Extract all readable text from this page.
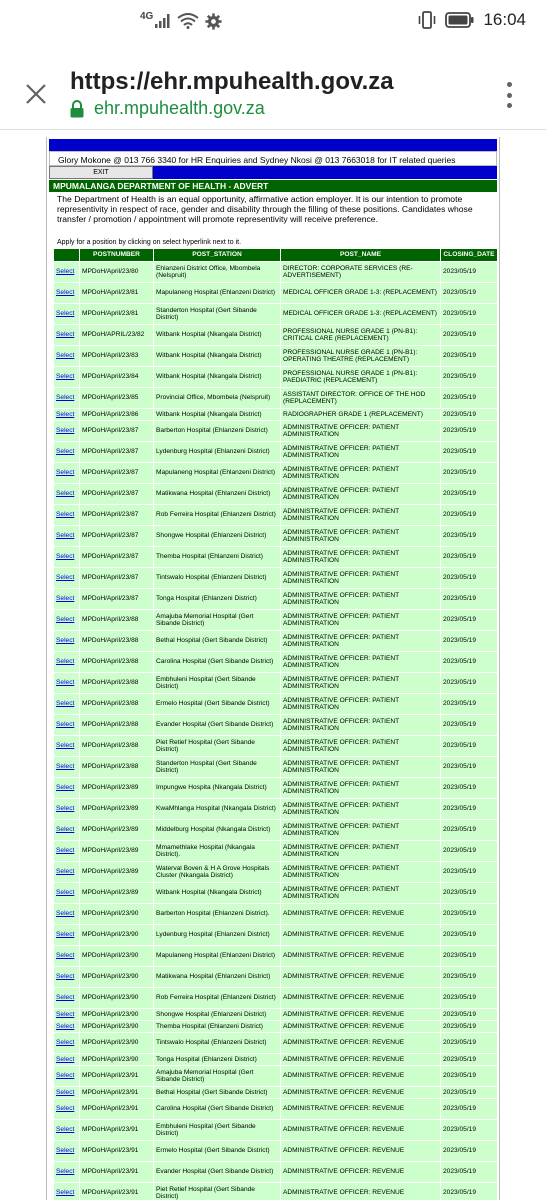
4G	16:04
https://ehr.mpuhealth.gov.za
ehr.mpuhealth.gov.za
Glory Mokone @ 013 766 3340 for HR Enquiries and Sydney Nkosi @ 013 7663018 for IT related queries
EXIT
MPUMALANGA DEPARTMENT OF HEALTH - ADVERT
The Department of Health is an equal opportunity, affirmative action employer. It is our intention to promote representivity in respect of race, gender and disability through the filling of these positions. Candidates whose transfer / promotion / appointment will promote representivity will receive preference.
Apply for a position by clicking on select hyperlink next to it.
	POSTNUMBER	POST_STATION	POST_NAME	CLOSING_DATE
Select	MPDoH/April/23/80	Ehlanzeni District Office, Mbombela (Nelspruit)	DIRECTOR: CORPORATE SERVICES (RE-ADVERTISEMENT)	2023/05/19
Select	MPDoH/April/23/81	Mapulaneng Hospital (Ehlanzeni District)	MEDICAL OFFICER GRADE 1-3: (REPLACEMENT)	2023/05/19
Select	MPDoH/April/23/81	Standerton Hospital (Gert Sibande District)	MEDICAL OFFICER GRADE 1-3: (REPLACEMENT)	2023/05/19
Select	MPDoH/APRIL/23/82	Witbank Hospital (Nkangala District)	PROFESSIONAL NURSE GRADE 1 (PN-B1): CRITICAL CARE (REPLACEMENT)	2023/05/19
Select	MPDoH/April/23/83	Witbank Hospital (Nkangala District)	PROFESSIONAL NURSE GRADE 1 (PN-B1): OPERATING THEATRE (REPLACEMENT)	2023/05/19
Select	MPDoH/April/23/84	Witbank Hospital (Nkangala District)	PROFESSIONAL NURSE GRADE 1 (PN-B1): PAEDIATRIC (REPLACEMENT)	2023/05/19
Select	MPDoH/April/23/85	Provincial Office, Mbombela (Nelspruit)	ASSISTANT DIRECTOR: OFFICE OF THE HOD (REPLACEMENT)	2023/05/19
Select	MPDoH/April/23/86	Witbank Hospital (Nkangala District)	RADIOGRAPHER GRADE 1 (REPLACEMENT)	2023/05/19
Select	MPDoH/April/23/87	Barberton Hospital (Ehlanzeni District)	ADMINISTRATIVE OFFICER: PATIENT ADMINISTRATION	2023/05/19
Select	MPDoH/April/23/87	Lydenburg Hospital (Ehlanzeni District)	ADMINISTRATIVE OFFICER: PATIENT ADMINISTRATION	2023/05/19
Select	MPDoH/April/23/87	Mapulaneng Hospital (Ehlanzeni District)	ADMINISTRATIVE OFFICER: PATIENT ADMINISTRATION	2023/05/19
Select	MPDoH/April/23/87	Matikwana Hospital (Ehlanzeni District)	ADMINISTRATIVE OFFICER: PATIENT ADMINISTRATION	2023/05/19
Select	MPDoH/April/23/87	Rob Ferreira Hospital (Ehlanzeni District)	ADMINISTRATIVE OFFICER: PATIENT ADMINISTRATION	2023/05/19
Select	MPDoH/April/23/87	Shongwe Hospital (Ehlanzeni District)	ADMINISTRATIVE OFFICER: PATIENT ADMINISTRATION	2023/05/19
Select	MPDoH/April/23/87	Themba Hospital (Ehlanzeni District)	ADMINISTRATIVE OFFICER: PATIENT ADMINISTRATION	2023/05/19
Select	MPDoH/April/23/87	Tintswalo Hospital (Ehlanzeni District)	ADMINISTRATIVE OFFICER: PATIENT ADMINISTRATION	2023/05/19
Select	MPDoH/April/23/87	Tonga Hospital (Ehlanzeni District)	ADMINISTRATIVE OFFICER: PATIENT ADMINISTRATION	2023/05/19
Select	MPDoH/April/23/88	Amajuba Memorial Hospital (Gert Sibande District)	ADMINISTRATIVE OFFICER: PATIENT ADMINISTRATION	2023/05/19
Select	MPDoH/April/23/88	Bethal Hospital (Gert Sibande District)	ADMINISTRATIVE OFFICER: PATIENT ADMINISTRATION	2023/05/19
Select	MPDoH/April/23/88	Carolina Hospital (Gert Sibande District)	ADMINISTRATIVE OFFICER: PATIENT ADMINISTRATION	2023/05/19
Select	MPDoH/April/23/88	Embhuleni Hospital (Gert Sibande District)	ADMINISTRATIVE OFFICER: PATIENT ADMINISTRATION	2023/05/19
Select	MPDoH/April/23/88	Ermelo Hospital (Gert Sibande District)	ADMINISTRATIVE OFFICER: PATIENT ADMINISTRATION	2023/05/19
Select	MPDoH/April/23/88	Evander Hospital (Gert Sibande District)	ADMINISTRATIVE OFFICER: PATIENT ADMINISTRATION	2023/05/19
Select	MPDoH/April/23/88	Piet Retief Hospital (Gert Sibande District)	ADMINISTRATIVE OFFICER: PATIENT ADMINISTRATION	2023/05/19
Select	MPDoH/April/23/88	Standerton Hospital (Gert Sibande District)	ADMINISTRATIVE OFFICER: PATIENT ADMINISTRATION	2023/05/19
Select	MPDoH/April/23/89	Impungwe Hospita (Nkangala District)	ADMINISTRATIVE OFFICER: PATIENT ADMINISTRATION	2023/05/19
Select	MPDoH/April/23/89	KwaMhlanga Hospital (Nkangala District)	ADMINISTRATIVE OFFICER: PATIENT ADMINISTRATION	2023/05/19
Select	MPDoH/April/23/89	Middelburg Hospital (Nkangala District)	ADMINISTRATIVE OFFICER: PATIENT ADMINISTRATION	2023/05/19
Select	MPDoH/April/23/89	Mmamethlake Hospital (Nkangala District).	ADMINISTRATIVE OFFICER: PATIENT ADMINISTRATION	2023/05/19
Select	MPDoH/April/23/89	Waterval Boven & H A Grove Hospitals Cluster (Nkangala District)	ADMINISTRATIVE OFFICER: PATIENT ADMINISTRATION	2023/05/19
Select	MPDoH/April/23/89	Witbank Hospital (Nkangala District)	ADMINISTRATIVE OFFICER: PATIENT ADMINISTRATION	2023/05/19
Select	MPDoH/April/23/90	Barberton Hospital (Ehlanzeni District).	ADMINISTRATIVE OFFICER: REVENUE	2023/05/19
Select	MPDoH/April/23/90	Lydenburg Hospital (Ehlanzeni District)	ADMINISTRATIVE OFFICER: REVENUE	2023/05/19
Select	MPDoH/April/23/90	Mapulaneng Hospital (Ehlanzeni District)	ADMINISTRATIVE OFFICER: REVENUE	2023/05/19
Select	MPDoH/April/23/90	Matikwana Hospital (Ehlanzeni District)	ADMINISTRATIVE OFFICER: REVENUE	2023/05/19
Select	MPDoH/April/23/90	Rob Ferreira Hospital (Ehlanzeni District)	ADMINISTRATIVE OFFICER: REVENUE	2023/05/19
Select	MPDoH/April/23/90	Shongwe Hospital (Ehlanzeni District)	ADMINISTRATIVE OFFICER: REVENUE	2023/05/19
Select	MPDoH/April/23/90	Themba Hospital (Ehlanzeni District)	ADMINISTRATIVE OFFICER: REVENUE	2023/05/19
Select	MPDoH/April/23/90	Tintswalo Hospital (Ehlanzeni District)	ADMINISTRATIVE OFFICER: REVENUE	2023/05/19
Select	MPDoH/April/23/90	Tonga Hospital (Ehlanzeni District)	ADMINISTRATIVE OFFICER: REVENUE	2023/05/19
Select	MPDoH/April/23/91	Amajuba Memorial Hospital (Gert Sibande District)	ADMINISTRATIVE OFFICER: REVENUE	2023/05/19
Select	MPDoH/April/23/91	Bethal Hospital (Gert Sibande District)	ADMINISTRATIVE OFFICER: REVENUE	2023/05/19
Select	MPDoH/April/23/91	Carolina Hospital (Gert Sibande District)	ADMINISTRATIVE OFFICER: REVENUE	2023/05/19
Select	MPDoH/April/23/91	Embhuleni Hospital (Gert Sibande District)	ADMINISTRATIVE OFFICER: REVENUE	2023/05/19
Select	MPDoH/April/23/91	Ermelo Hospital (Gert Sibande District)	ADMINISTRATIVE OFFICER: REVENUE	2023/05/19
Select	MPDoH/April/23/91	Evander Hospital (Gert Sibande District)	ADMINISTRATIVE OFFICER: REVENUE	2023/05/19
Select	MPDoH/April/23/91	Piet Retief Hospital (Gert Sibande District)	ADMINISTRATIVE OFFICER: REVENUE	2023/05/19
